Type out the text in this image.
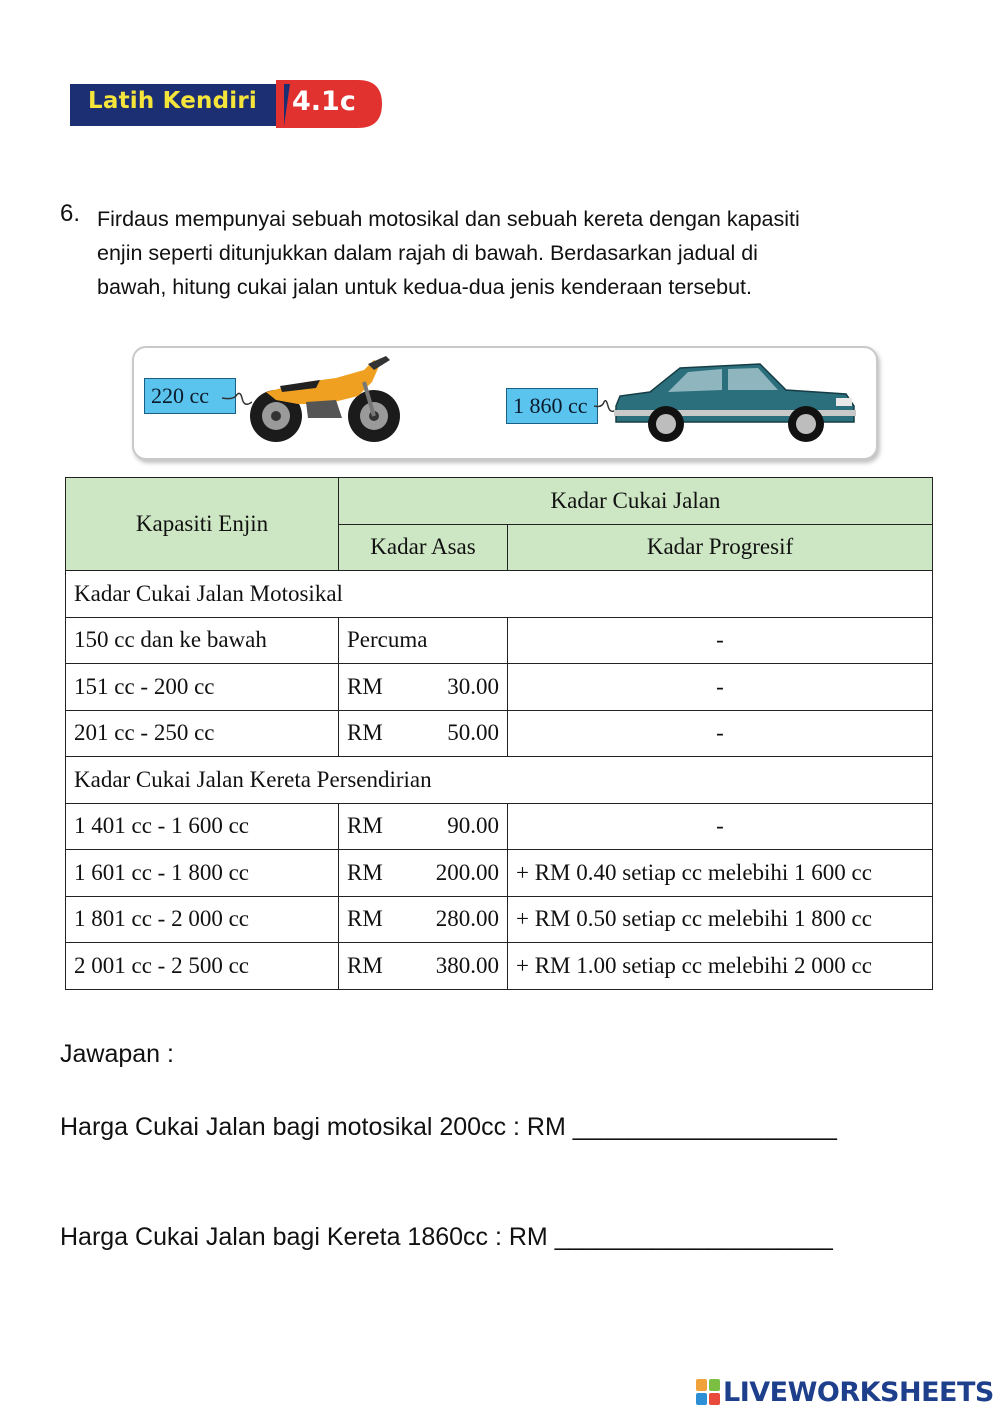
Latih Kendiri 4.1c
6. Firdaus mempunyai sebuah motosikal dan sebuah kereta dengan kapasiti
enjin seperti ditunjukkan dalam rajah di bawah. Berdasarkan jadual di
bawah, hitung cukai jalan untuk kedua-dua jenis kenderaan tersebut.
220 cc	1 860 cc
Kapasiti Enjin	Kadar Cukai Jalan	
	Kadar Asas	Kadar Progresif
Kadar Cukai Jalan Motosikal		
150 cc dan ke bawah	Percuma	-
151 cc - 200 cc	RM 30.00	-
201 cc - 250 cc	RM 50.00	-
Kadar Cukai Jalan Kereta Persendirian		
1 401 cc - 1 600 cc	RM 90.00	-
1 601 cc - 1 800 cc	RM 200.00	+ RM 0.40 setiap cc melebihi 1 600 cc
1 801 cc - 2 000 cc	RM 280.00	+ RM 0.50 setiap cc melebihi 1 800 cc
2 001 cc - 2 500 cc	RM 380.00	+ RM 1.00 setiap cc melebihi 2 000 cc
Jawapan :
Harga Cukai Jalan bagi motosikal 200cc : RM ___________________
Harga Cukai Jalan bagi Kereta 1860cc : RM ____________________
LIVEWORKSHEETS
